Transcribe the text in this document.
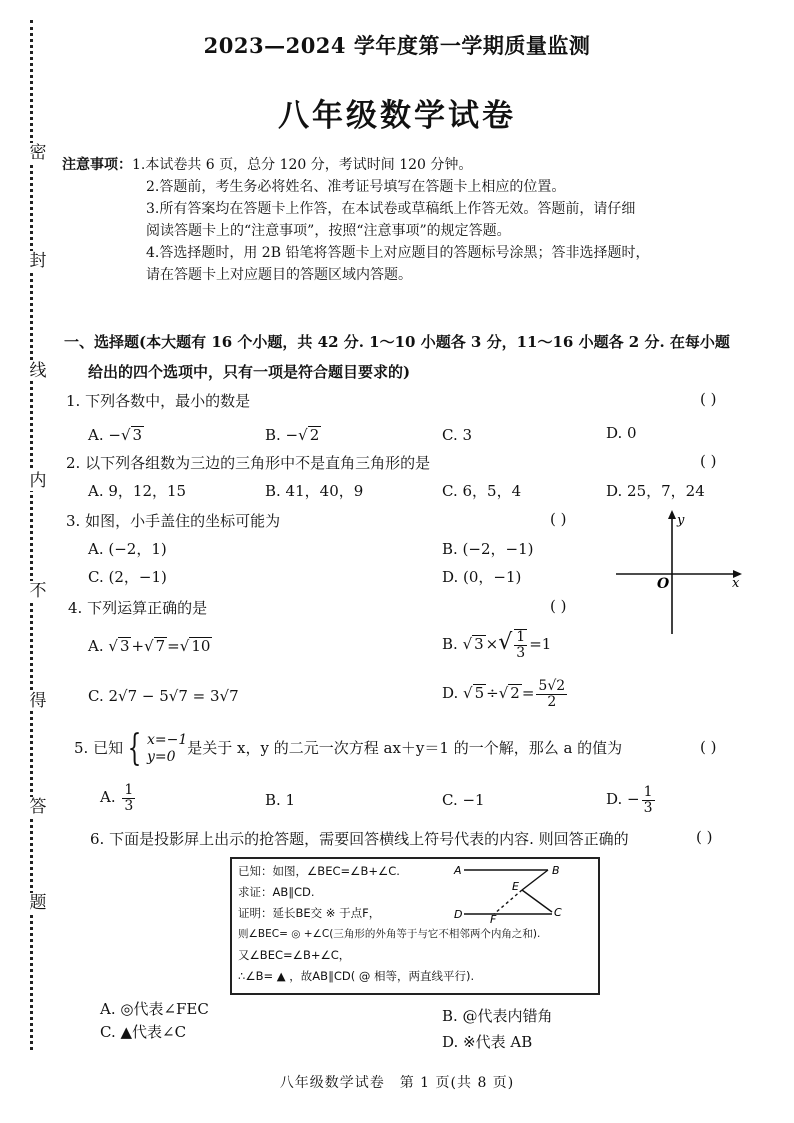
密
封
线
内
不
得
答
题
2023—2024 学年度第一学期质量监测
八年级数学试卷
注意事项：1.本试卷共 6 页，总分 120 分，考试时间 120 分钟。
2.答题前，考生务必将姓名、准考证号填写在答题卡上相应的位置。
3.所有答案均在答题卡上作答，在本试卷或草稿纸上作答无效。答题前，请仔细
阅读答题卡上的“注意事项”，按照“注意事项”的规定答题。
4.答选择题时，用 2B 铅笔将答题卡上对应题目的答题标号涂黑；答非选择题时，
请在答题卡上对应题目的答题区域内答题。
一、选择题(本大题有 16 个小题，共 42 分. 1～10 小题各 3 分，11～16 小题各 2 分. 在每小题
给出的四个选项中，只有一项是符合题目要求的)
1. 下列各数中，最小的数是	( )
A. −√ 3	B. −√ 2	C. 3	D. 0
2. 以下列各组数为三边的三角形中不是直角三角形的是	( )
A. 9，12，15	B. 41，40，9	C. 6，5，4	D. 25，7，24
3. 如图，小手盖住的坐标可能为	( )
A. (−2，1)	B. (−2，−1)
C. (2，−1)	D. (0，−1)
y
x
O
4. 下列运算正确的是	( )
A. √ 3 +√ 7 =√ 10	B. √ 3 ×√ $\frac{1}{3} =1$
C. 2√7 − 5√7 = 3√7	D. √ 5 ÷√ $2 = \frac{5√2}{2}$
5. 已知 { x=−1
y=0 是关于 x，y 的二元一次方程 ax＋y＝1 的一个解，那么 a 的值为	( )
A. $\frac{1}{3}$	B. 1	C. −1	D. − $\frac{1}{3}$
6. 下面是投影屏上出示的抢答题，需要回答横线上符号代表的内容. 则回答正确的	( )
已知：如图，∠BEC=∠B+∠C.
求证：AB∥CD.
证明：延长BE交 ※ 于点F，
则∠BEC= ◎ +∠C(三角形的外角等于与它不相邻两个内角之和).
又∠BEC=∠B+∠C，
∴∠B= ▲ ，故AB∥CD( @ 相等，两直线平行).
A	B
E
D	F
C
A. ◎代表∠FEC
C. ▲代表∠C
B. @代表内错角
D. ※代表 AB
八年级数学试卷　第 1 页(共 8 页)
